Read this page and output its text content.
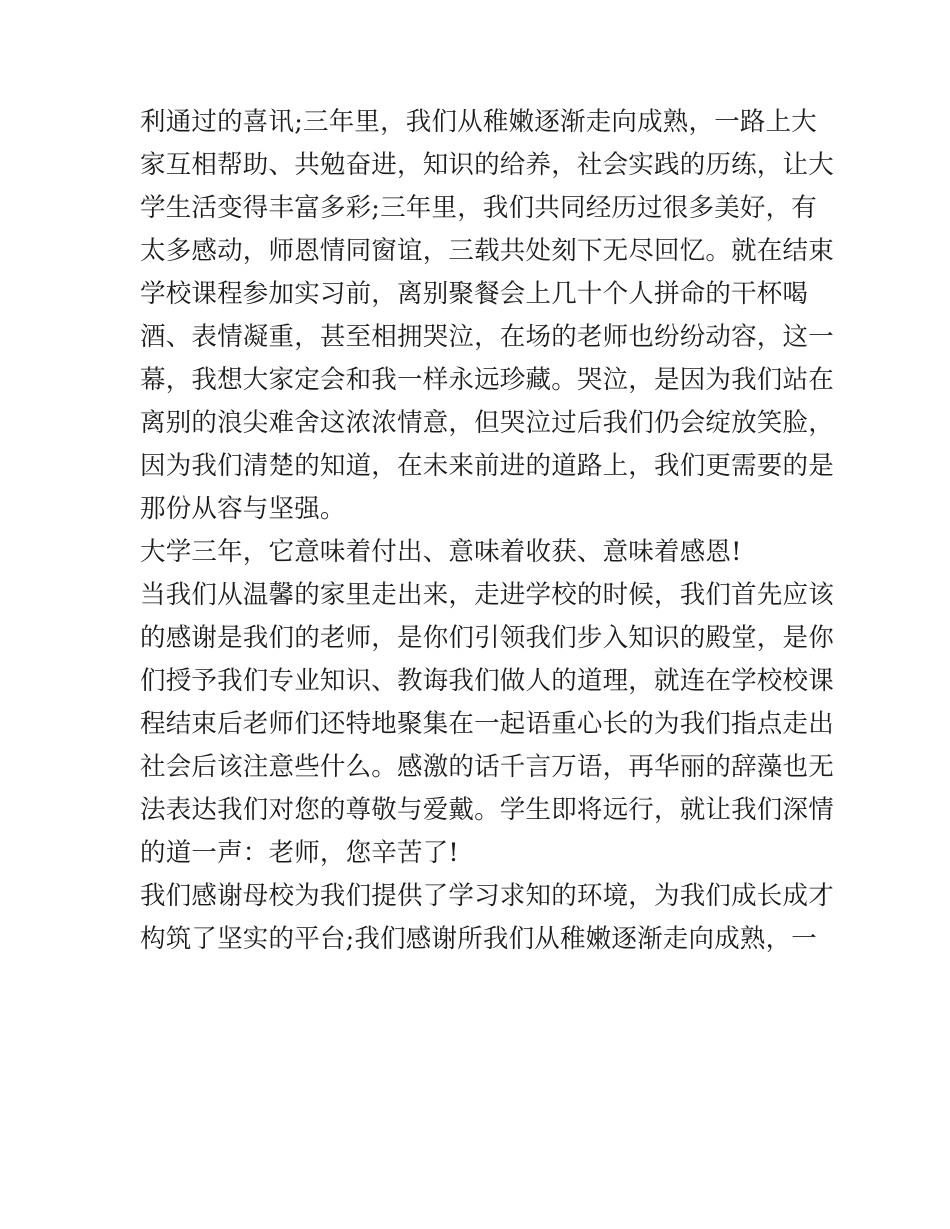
利通过的喜讯;三年里，我们从稚嫩逐渐走向成熟，一路上大
家互相帮助、共勉奋进，知识的给养，社会实践的历练，让大
学生活变得丰富多彩;三年里，我们共同经历过很多美好，有
太多感动，师恩情同窗谊，三载共处刻下无尽回忆。就在结束
学校课程参加实习前，离别聚餐会上几十个人拼命的干杯喝
酒、表情凝重，甚至相拥哭泣，在场的老师也纷纷动容，这一
幕，我想大家定会和我一样永远珍藏。哭泣，是因为我们站在
离别的浪尖难舍这浓浓情意，但哭泣过后我们仍会绽放笑脸，
因为我们清楚的知道，在未来前进的道路上，我们更需要的是
那份从容与坚强。
大学三年，它意味着付出、意味着收获、意味着感恩!
当我们从温馨的家里走出来，走进学校的时候，我们首先应该
的感谢是我们的老师，是你们引领我们步入知识的殿堂，是你
们授予我们专业知识、教诲我们做人的道理，就连在学校校课
程结束后老师们还特地聚集在一起语重心长的为我们指点走出
社会后该注意些什么。感激的话千言万语，再华丽的辞藻也无
法表达我们对您的尊敬与爱戴。学生即将远行，就让我们深情
的道一声：老师，您辛苦了!
我们感谢母校为我们提供了学习求知的环境，为我们成长成才
构筑了坚实的平台;我们感谢所我们从稚嫩逐渐走向成熟，一
